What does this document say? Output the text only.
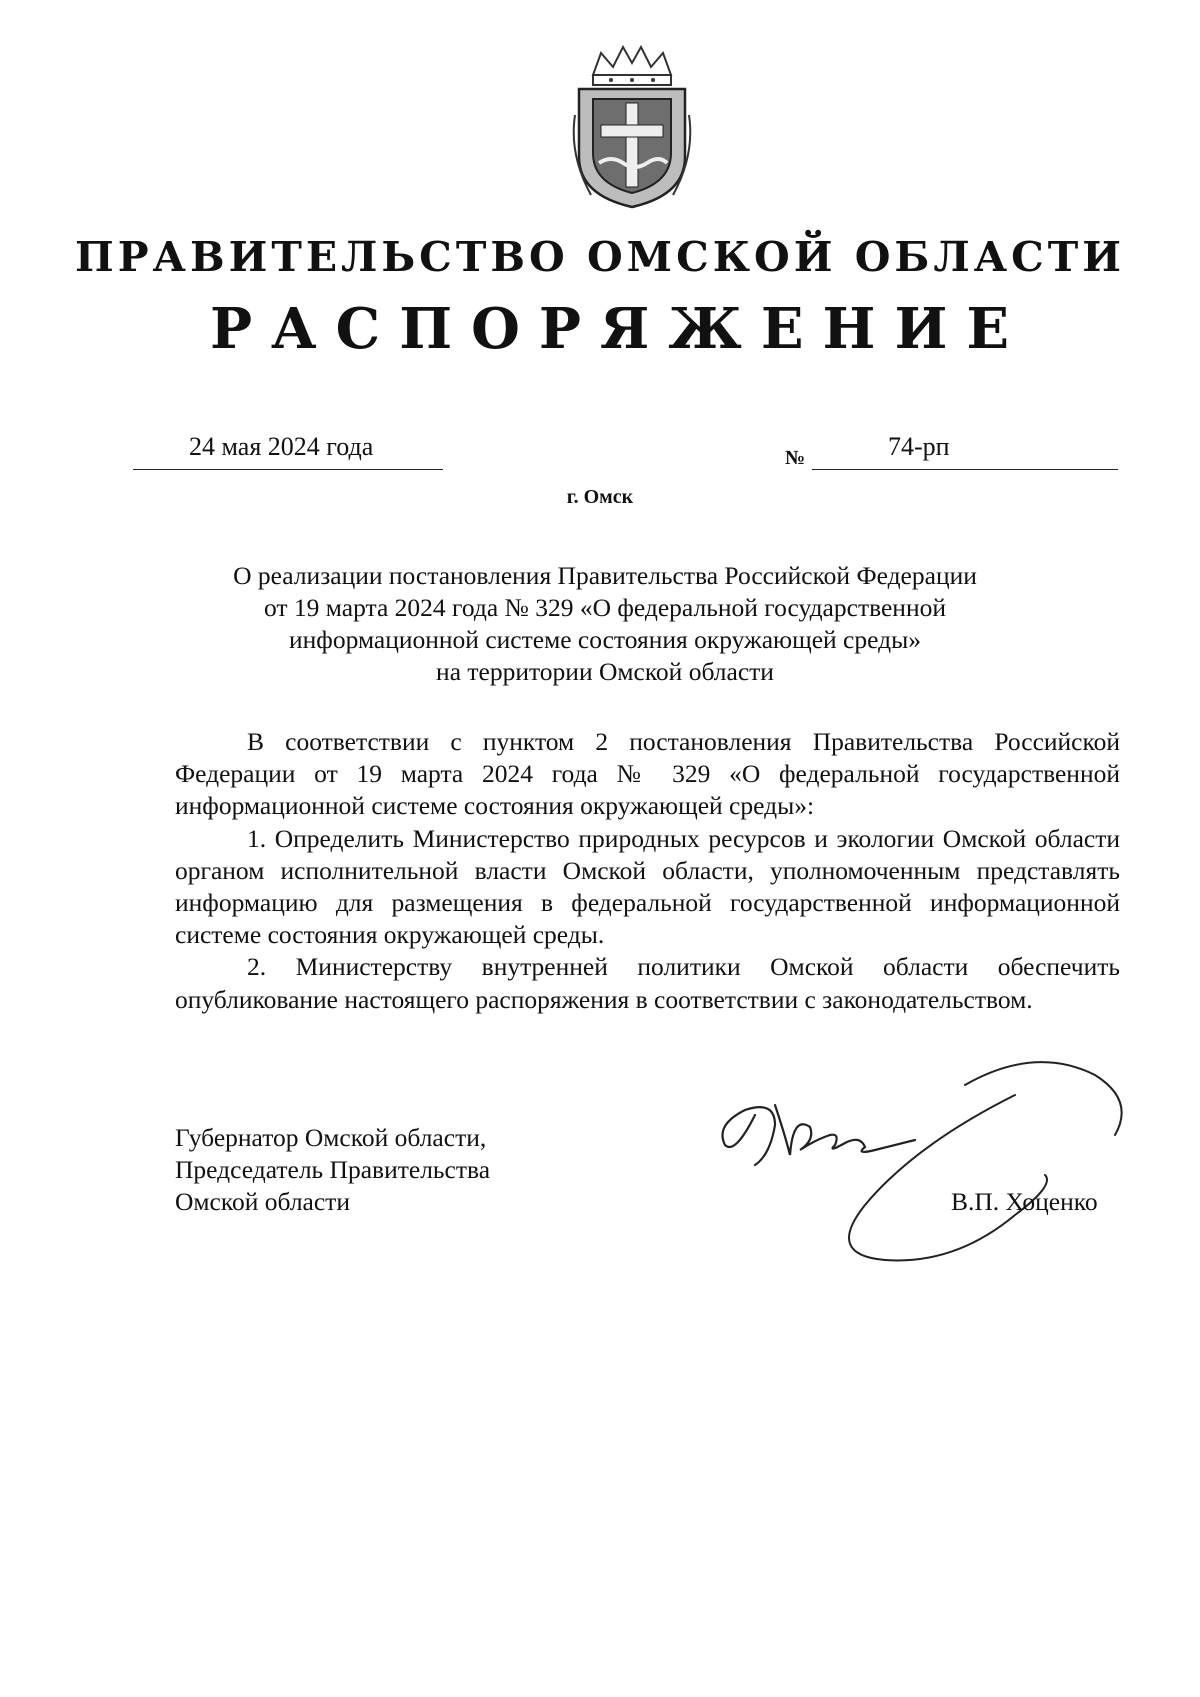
ПРАВИТЕЛЬСТВО ОМСКОЙ ОБЛАСТИ
РАСПОРЯЖЕНИЕ
24 мая 2024 года	№	74-рп
г. Омск
О реализации постановления Правительства Российской Федерации
от 19 марта 2024 года № 329 «О федеральной государственной
информационной системе состояния окружающей среды»
на территории Омской области

В соответствии с пунктом 2 постановления Правительства Российской Федерации от 19 марта 2024 года № 329 «О федеральной государственной информационной системе состояния окружающей среды»:

1. Определить Министерство природных ресурсов и экологии Омской области органом исполнительной власти Омской области, уполномоченным представлять информацию для размещения в федеральной государственной информационной системе состояния окружающей среды.

2. Министерству внутренней политики Омской области обеспечить опубликование настоящего распоряжения в соответствии с законодательством.

Губернатор Омской области,
Председатель Правительства
Омской области	В.П. Хоценко
